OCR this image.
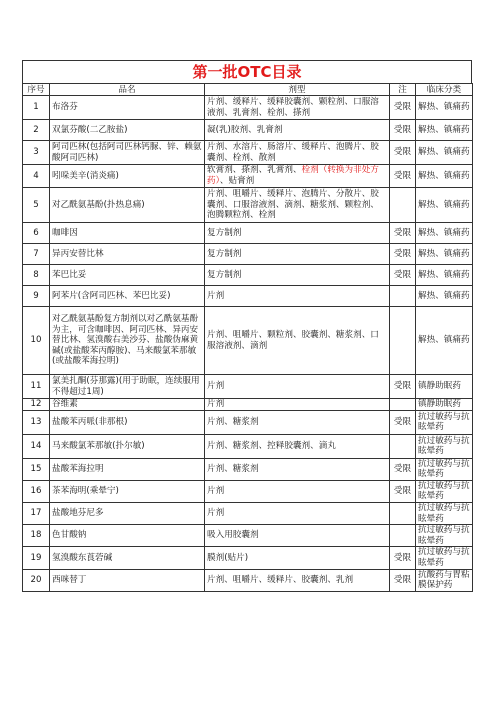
第一批OTC目录
序号	品名	剂型	注	临床分类
1	布洛芬	片剂、缓释片、缓释胶囊剂、颗粒剂、口服溶液剂、乳膏剂、栓剂、搽剂	受限	解热、镇痛药
2	双氯芬酸(二乙胺盐)	凝(乳)胶剂、乳膏剂	受限	解热、镇痛药
3	阿司匹林(包括阿司匹林钙脲、锌、赖氨酸阿司匹林)	片剂、水溶片、肠溶片、缓释片、泡腾片、胶囊剂、栓剂、散剂	受限	解热、镇痛药
4	吲哚美辛(消炎痛)	软膏剂、搽剂、乳膏剂、栓剂（转换为非处方药）、贴膏剂	受限	解热、镇痛药
5	对乙酰氨基酚(扑热息痛)	片剂、咀嚼片、缓释片、泡腾片、分散片、胶囊剂、口服溶液剂、滴剂、糖浆剂、颗粒剂、泡腾颗粒剂、栓剂		解热、镇痛药
6	咖啡因	复方制剂	受限	解热、镇痛药
7	异丙安替比林	复方制剂	受限	解热、镇痛药
8	苯巴比妥	复方制剂	受限	解热、镇痛药
9	阿苯片(含阿司匹林、苯巴比妥)	片剂		解热、镇痛药
10	对乙酰氨基酚复方制剂以对乙酰氨基酚为主，可含咖啡因、阿司匹林、异丙安替比林、氢溴酸右美沙芬、盐酸伪麻黄碱(或盐酸苯丙醇胺)、马来酸氯苯那敏(或盐酸苯海拉明)	片剂、咀嚼片、颗粒剂、胶囊剂、糖浆剂、口服溶液剂、滴剂		解热、镇痛药
11	氯美扎酮(芬那露)(用于助眠，连续服用不得超过1周)	片剂	受限	镇静助眠药
12	谷维素	片剂		镇静助眠药
13	盐酸苯丙哌(非那根)	片剂、糖浆剂	受限	抗过敏药与抗眩晕药
14	马来酸氯苯那敏(扑尔敏)	片剂、糖浆剂、控释胶囊剂、滴丸		抗过敏药与抗眩晕药
15	盐酸苯海拉明	片剂、糖浆剂	受限	抗过敏药与抗眩晕药
16	茶苯海明(乘晕宁)	片剂	受限	抗过敏药与抗眩晕药
17	盐酸地芬尼多	片剂		抗过敏药与抗眩晕药
18	色甘酸钠	吸入用胶囊剂		抗过敏药与抗眩晕药
19	氢溴酸东莨菪碱	膜剂(贴片)	受限	抗过敏药与抗眩晕药
20	西咪替丁	片剂、咀嚼片、缓释片、胶囊剂、乳剂	受限	抗酸药与胃粘膜保护药
